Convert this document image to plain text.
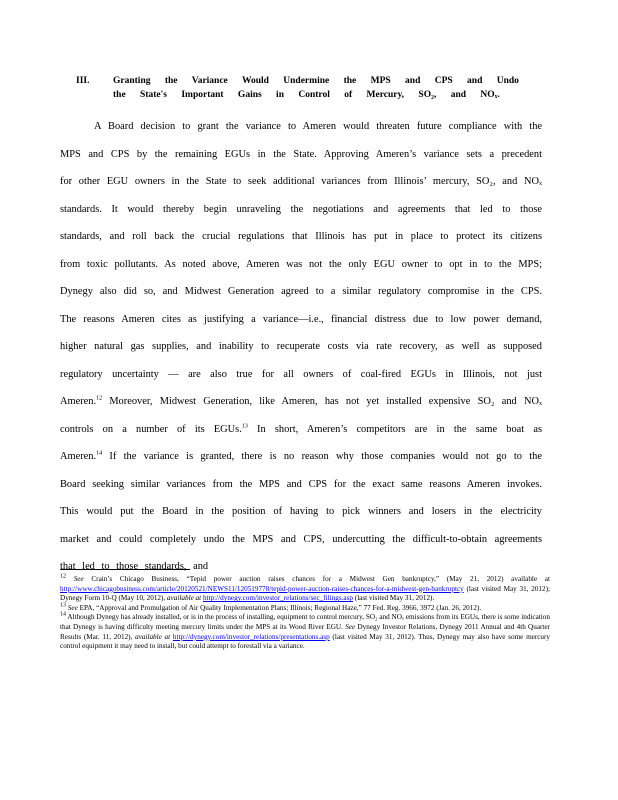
III. Granting the Variance Would Undermine the MPS and CPS and Undo the State's Important Gains in Control of Mercury, SO₂, and NOₓ.

A Board decision to grant the variance to Ameren would threaten future compliance with the MPS and CPS by the remaining EGUs in the State. Approving Ameren’s variance sets a precedent for other EGU owners in the State to seek additional variances from Illinois’ mercury, SO₂, and NOₓ standards. It would thereby begin unraveling the negotiations and agreements that led to those standards, and roll back the crucial regulations that Illinois has put in place to protect its citizens from toxic pollutants. As noted above, Ameren was not the only EGU owner to opt in to the MPS; Dynegy also did so, and Midwest Generation agreed to a similar regulatory compromise in the CPS. The reasons Ameren cites as justifying a variance—i.e., financial distress due to low power demand, higher natural gas supplies, and inability to recuperate costs via rate recovery, as well as supposed regulatory uncertainty — are also true for all owners of coal-fired EGUs in Illinois, not just Ameren.$^{12}$ Moreover, Midwest Generation, like Ameren, has not yet installed expensive SO₂ and NOₓ controls on a number of its EGUs.$^{13}$ In short, Ameren’s competitors are in the same boat as Ameren.$^{14}$ If the variance is granted, there is no reason why those companies would not go to the Board seeking similar variances from the MPS and CPS for the exact same reasons Ameren invokes. This would put the Board in the position of having to pick winners and losers in the electricity market and could completely undo the MPS and CPS, undercutting the difficult-to-obtain agreements that led to those standards, and

$^{12}$ See Crain’s Chicago Business, “Tepid power auction raises chances for a Midwest Gen bankruptcy,” (May 21, 2012) available at http://www.chicagobusiness.com/article/20120521/NEWS11/120519778/tepid-power-auction-raises-chances-for-a-midwest-gen-bankruptcy (last visited May 31, 2012); Dynegy Form 10-Q (May 10, 2012), available at http://dynegy.com/investor_relations/sec_filings.asp (last visited May 31, 2012).

$^{13}$ See EPA, “Approval and Promulgation of Air Quality Implementation Plans; Illinois; Regional Haze,” 77 Fed. Reg. 3966, 3972 (Jan. 26, 2012).

$^{14}$ Although Dynegy has already installed, or is in the process of installing, equipment to control mercury, SO₂ and NOₓ emissions from its EGUs, there is some indication that Dynegy is having difficulty meeting mercury limits under the MPS at its Wood River EGU. See Dynegy Investor Relations, Dynegy 2011 Annual and 4th Quarter Results (Mar. 11, 2012), available at http://dynegy.com/investor_relations/presentations.asp (last visited May 31, 2012). Thus, Dynegy may also have some mercury control equipment it may need to install, but could attempt to forestall via a variance.
